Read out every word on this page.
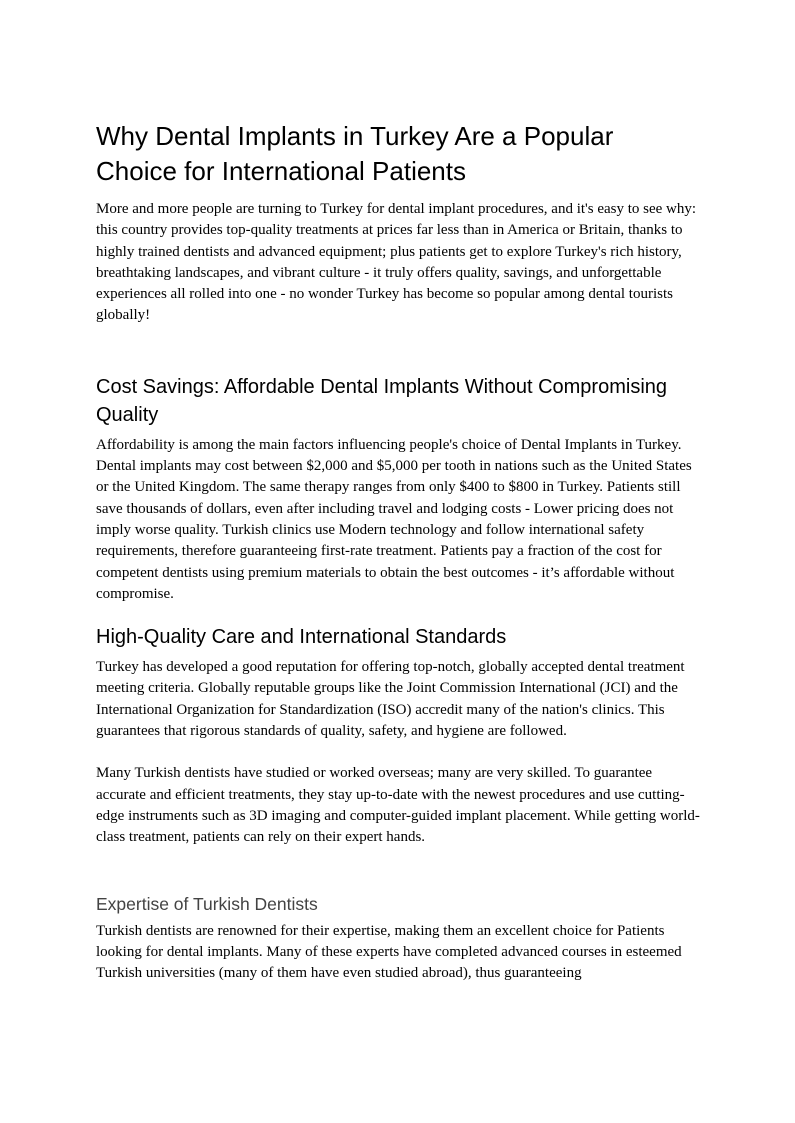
Why Dental Implants in Turkey Are a Popular Choice for International Patients

More and more people are turning to Turkey for dental implant procedures, and it's easy to see why: this country provides top-quality treatments at prices far less than in America or Britain, thanks to highly trained dentists and advanced equipment; plus patients get to explore Turkey's rich history, breathtaking landscapes, and vibrant culture - it truly offers quality, savings, and unforgettable experiences all rolled into one - no wonder Turkey has become so popular among dental tourists globally!

Cost Savings: Affordable Dental Implants Without Compromising Quality

Affordability is among the main factors influencing people's choice of Dental Implants in Turkey. Dental implants may cost between $2,000 and $5,000 per tooth in nations such as the United States or the United Kingdom. The same therapy ranges from only $400 to $800 in Turkey. Patients still save thousands of dollars, even after including travel and lodging costs - Lower pricing does not imply worse quality. Turkish clinics use Modern technology and follow international safety requirements, therefore guaranteeing first-rate treatment. Patients pay a fraction of the cost for competent dentists using premium materials to obtain the best outcomes - it’s affordable without compromise.

High-Quality Care and International Standards

Turkey has developed a good reputation for offering top-notch, globally accepted dental treatment meeting criteria. Globally reputable groups like the Joint Commission International (JCI) and the International Organization for Standardization (ISO) accredit many of the nation's clinics. This guarantees that rigorous standards of quality, safety, and hygiene are followed.

Many Turkish dentists have studied or worked overseas; many are very skilled. To guarantee accurate and efficient treatments, they stay up-to-date with the newest procedures and use cutting-edge instruments such as 3D imaging and computer-guided implant placement. While getting world-class treatment, patients can rely on their expert hands.

Expertise of Turkish Dentists

Turkish dentists are renowned for their expertise, making them an excellent choice for Patients looking for dental implants. Many of these experts have completed advanced courses in esteemed Turkish universities (many of them have even studied abroad), thus guaranteeing
